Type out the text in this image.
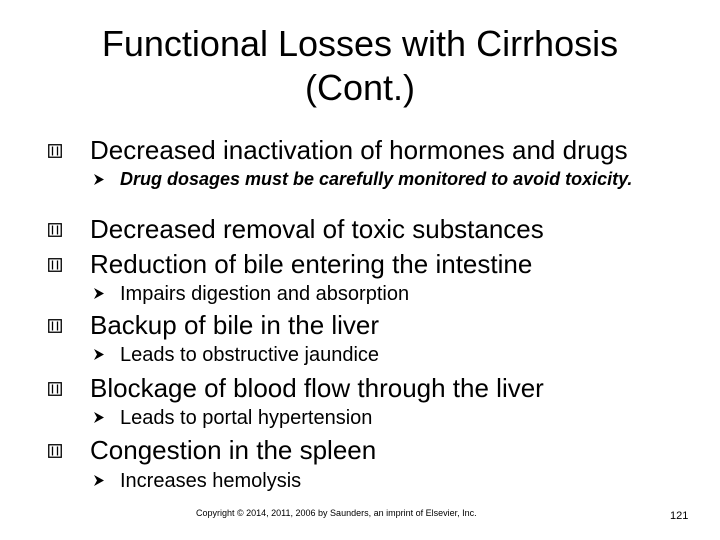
Functional Losses with Cirrhosis
(Cont.)
Decreased inactivation of hormones and drugs
Drug dosages must be carefully monitored to avoid toxicity.
Decreased removal of toxic substances
Reduction of bile entering the intestine
Impairs digestion and absorption
Backup of bile in the liver
Leads to obstructive jaundice
Blockage of blood flow through the liver
Leads to portal hypertension
Congestion in the spleen
Increases hemolysis
Copyright © 2014, 2011, 2006 by Saunders, an imprint of Elsevier, Inc.	121
